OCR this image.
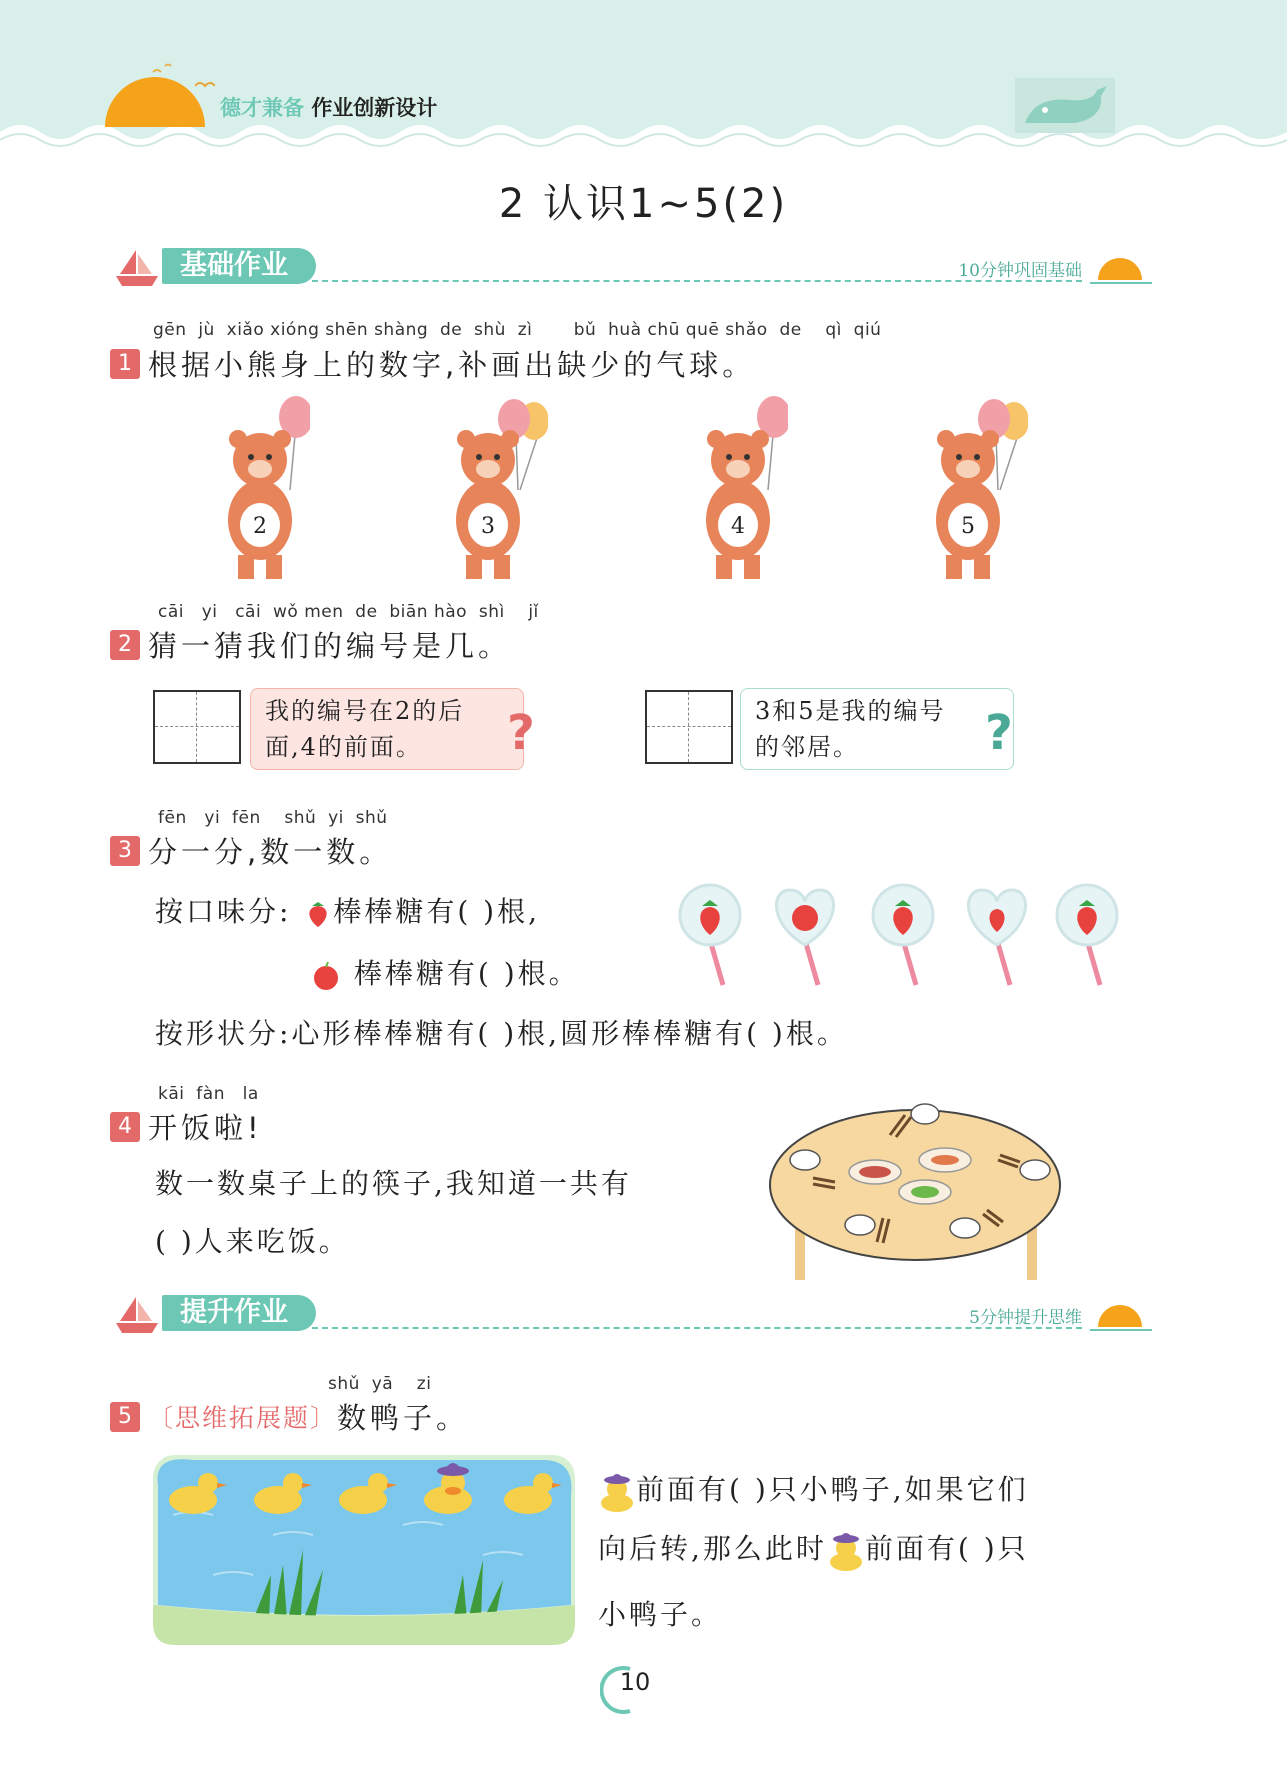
德才兼备 作业创新设计
2 认识1~5(2)
基础作业	10分钟巩固基础
gēn  jù  xiǎo xióng shēn shàng  de  shù  zì       bǔ  huà chū quē shǎo  de    qì  qiú
1 根据小熊身上的数字,补画出缺少的气球。
2	3	4	5
cāi   yi   cāi  wǒ men  de  biān hào  shì    jǐ
2 猜一猜我们的编号是几。
我的编号在2的后
面,4的前面。	?	3和5是我的编号
的邻居。	?
fēn   yi  fēn    shǔ  yi  shǔ
3 分一分,数一数。
按口味分: 棒棒糖有( )根,
棒棒糖有( )根。
按形状分:心形棒棒糖有( )根,圆形棒棒糖有( )根。
kāi  fàn   la
4 开饭啦!
数一数桌子上的筷子,我知道一共有
( )人来吃饭。
提升作业	5分钟提升思维
shǔ  yā    zi
5 〔思维拓展题〕数鸭子。
前面有( )只小鸭子,如果它们
向后转,那么此时 前面有( )只
小鸭子。
10
